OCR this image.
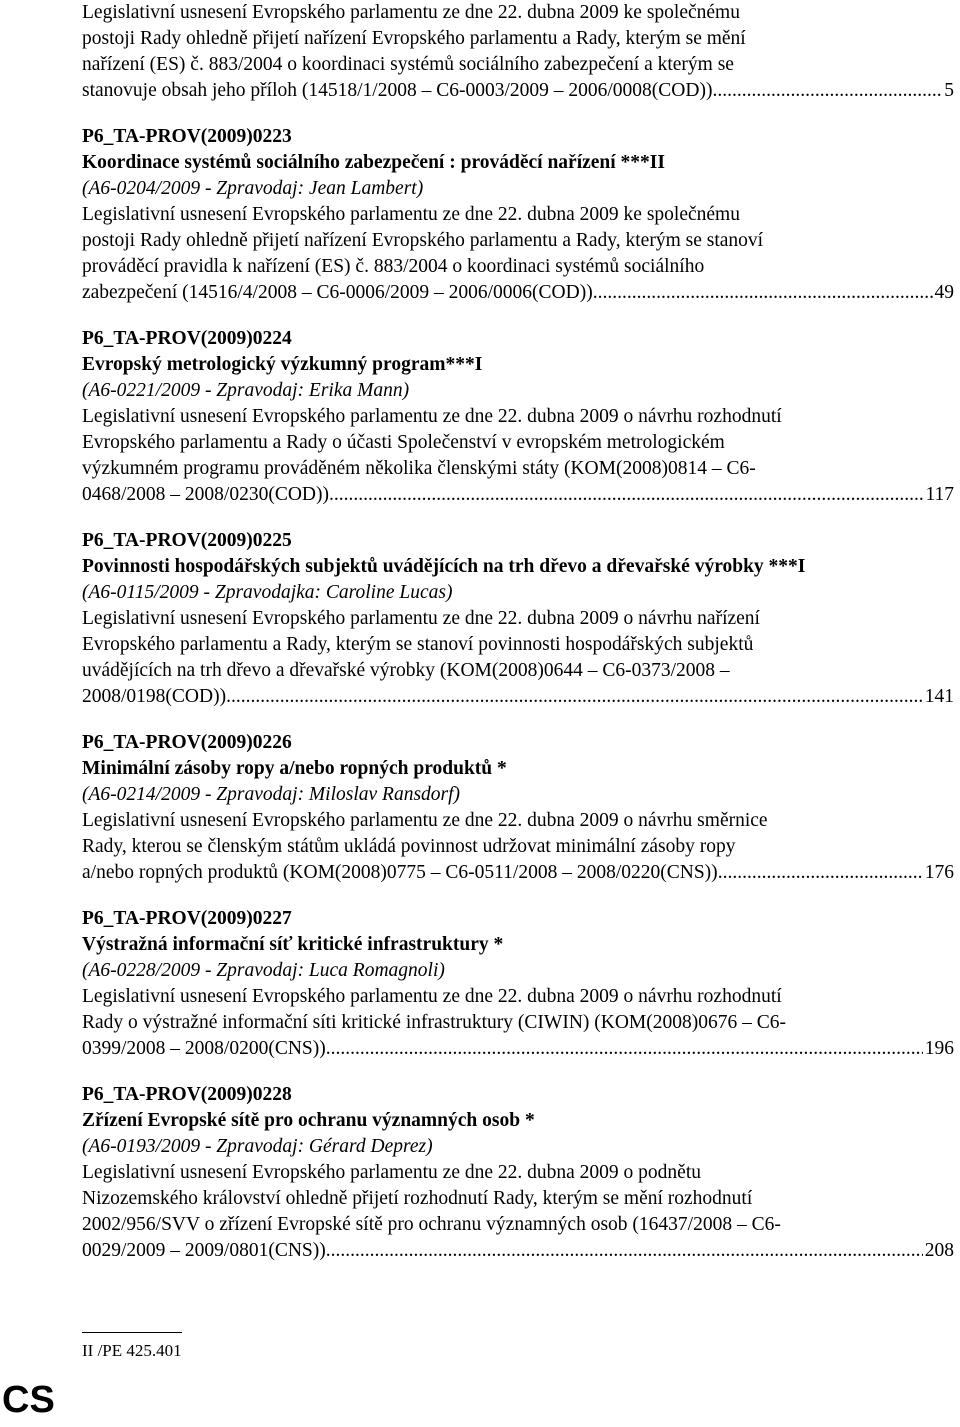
Legislativní usnesení Evropského parlamentu ze dne 22. dubna 2009 ke společnému

postoji Rady ohledně přijetí nařízení Evropského parlamentu a Rady, kterým se mění

nařízení (ES) č. 883/2004 o koordinaci systémů sociálního zabezpečení a kterým se

stanovuje obsah jeho příloh (14518/1/2008 – C6-0003/2009 – 2006/0008(COD)) .....	5

P6_TA-PROV(2009)0223

Koordinace systémů sociálního zabezpečení : prováděcí nařízení ***II

(A6-0204/2009 - Zpravodaj: Jean Lambert)

Legislativní usnesení Evropského parlamentu ze dne 22. dubna 2009 ke společnému

postoji Rady ohledně přijetí nařízení Evropského parlamentu a Rady, kterým se stanoví

prováděcí pravidla k nařízení (ES) č. 883/2004 o koordinaci systémů sociálního

zabezpečení (14516/4/2008 – C6-0006/2009 – 2006/0006(COD)) .....	49

P6_TA-PROV(2009)0224

Evropský metrologický výzkumný program***I

(A6-0221/2009 - Zpravodaj: Erika Mann)

Legislativní usnesení Evropského parlamentu ze dne 22. dubna 2009 o návrhu rozhodnutí

Evropského parlamentu a Rady o účasti Společenství v evropském metrologickém

výzkumném programu prováděném několika členskými státy (KOM(2008)0814 – C6-

0468/2008 – 2008/0230(COD)) .....	117

P6_TA-PROV(2009)0225

Povinnosti hospodářských subjektů uvádějících na trh dřevo a dřevařské výrobky ***I

(A6-0115/2009 - Zpravodajka: Caroline Lucas)

Legislativní usnesení Evropského parlamentu ze dne 22. dubna 2009 o návrhu nařízení

Evropského parlamentu a Rady, kterým se stanoví povinnosti hospodářských subjektů

uvádějících na trh dřevo a dřevařské výrobky (KOM(2008)0644 – C6-0373/2008 –

2008/0198(COD)) .....	141

P6_TA-PROV(2009)0226

Minimální zásoby ropy a/nebo ropných produktů *

(A6-0214/2009 - Zpravodaj: Miloslav Ransdorf)

Legislativní usnesení Evropského parlamentu ze dne 22. dubna 2009 o návrhu směrnice

Rady, kterou se členským státům ukládá povinnost udržovat minimální zásoby ropy

a/nebo ropných produktů (KOM(2008)0775 – C6-0511/2008 – 2008/0220(CNS)) .....	176

P6_TA-PROV(2009)0227

Výstražná informační síť kritické infrastruktury *

(A6-0228/2009 - Zpravodaj: Luca Romagnoli)

Legislativní usnesení Evropského parlamentu ze dne 22. dubna 2009 o návrhu rozhodnutí

Rady o výstražné informační síti kritické infrastruktury (CIWIN) (KOM(2008)0676 – C6-

0399/2008 – 2008/0200(CNS)) .....	196

P6_TA-PROV(2009)0228

Zřízení Evropské sítě pro ochranu významných osob *

(A6-0193/2009 - Zpravodaj: Gérard Deprez)

Legislativní usnesení Evropského parlamentu ze dne 22. dubna 2009 o podnětu

Nizozemského království ohledně přijetí rozhodnutí Rady, kterým se mění rozhodnutí

2002/956/SVV o zřízení Evropské sítě pro ochranu významných osob (16437/2008 – C6-

0029/2009 – 2009/0801(CNS)) .....	208
II /PE 425.401
CS
